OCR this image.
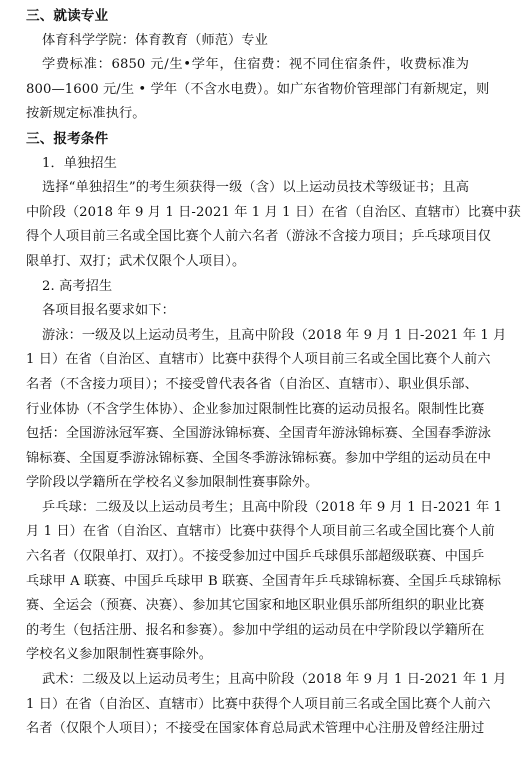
三、就读专业
体育科学学院：体育教育（师范）专业
学费标准：6850 元/生•学年，住宿费：视不同住宿条件，收费标准为
800—1600 元/生 • 学年（不含水电费）。如广东省物价管理部门有新规定，则
按新规定标准执行。
三、报考条件
1．单独招生
选择“单独招生”的考生须获得一级（含）以上运动员技术等级证书；且高
中阶段（2018 年 9 月 1 日-2021 年 1 月 1 日）在省（自治区、直辖市）比赛中获
得个人项目前三名或全国比赛个人前六名者（游泳不含接力项目；乒乓球项目仅
限单打、双打；武术仅限个人项目）。
2. 高考招生
各项目报名要求如下：
游泳：一级及以上运动员考生，且高中阶段（2018 年 9 月 1 日-2021 年 1 月
1 日）在省（自治区、直辖市）比赛中获得个人项目前三名或全国比赛个人前六
名者（不含接力项目）；不接受曾代表各省（自治区、直辖市）、职业俱乐部、
行业体协（不含学生体协）、企业参加过限制性比赛的运动员报名。限制性比赛
包括：全国游泳冠军赛、全国游泳锦标赛、全国青年游泳锦标赛、全国春季游泳
锦标赛、全国夏季游泳锦标赛、全国冬季游泳锦标赛。参加中学组的运动员在中
学阶段以学籍所在学校名义参加限制性赛事除外。
乒乓球：二级及以上运动员考生；且高中阶段（2018 年 9 月 1 日-2021 年 1
月 1 日）在省（自治区、直辖市）比赛中获得个人项目前三名或全国比赛个人前
六名者（仅限单打、双打）。不接受参加过中国乒乓球俱乐部超级联赛、中国乒
乓球甲 A 联赛、中国乒乓球甲 B 联赛、全国青年乒乓球锦标赛、全国乒乓球锦标
赛、全运会（预赛、决赛）、参加其它国家和地区职业俱乐部所组织的职业比赛
的考生（包括注册、报名和参赛）。参加中学组的运动员在中学阶段以学籍所在
学校名义参加限制性赛事除外。
武术：二级及以上运动员考生；且高中阶段（2018 年 9 月 1 日-2021 年 1 月
1 日）在省（自治区、直辖市）比赛中获得个人项目前三名或全国比赛个人前六
名者（仅限个人项目）；不接受在国家体育总局武术管理中心注册及曾经注册过
